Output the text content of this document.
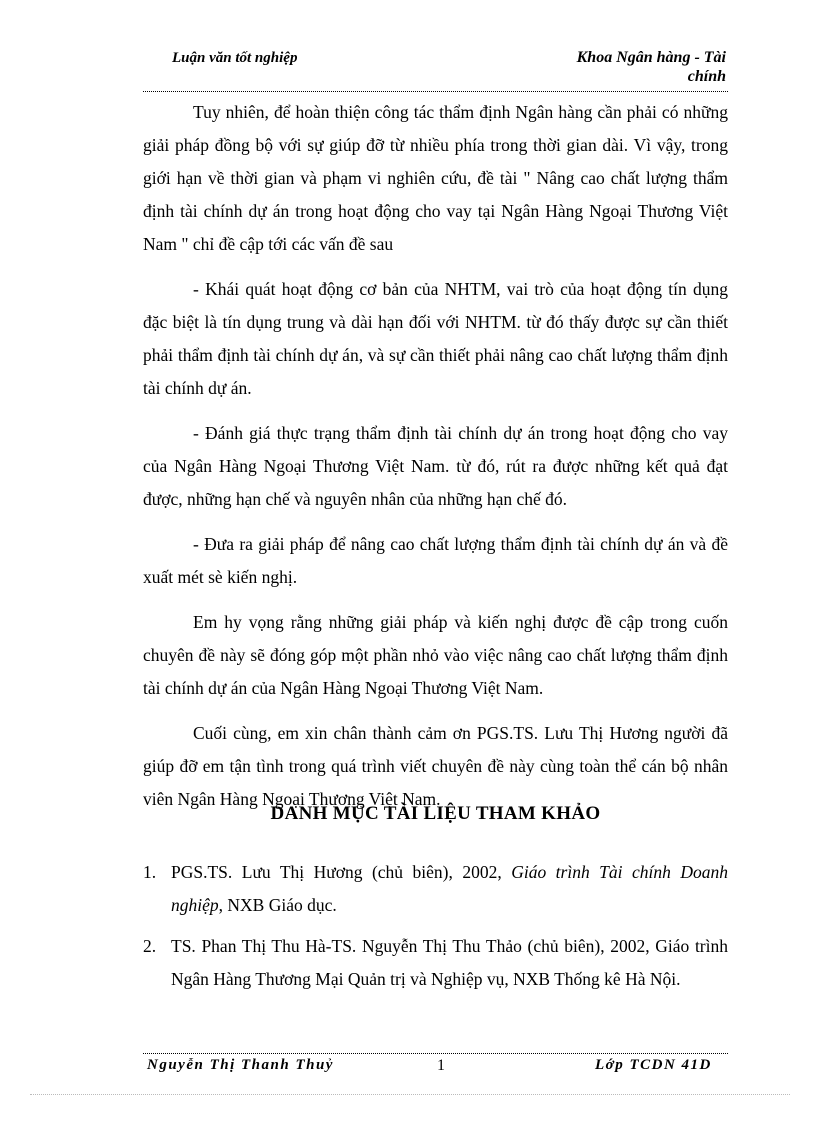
Luận văn tốt nghiệp	Khoa Ngân hàng - Tài
chính

Tuy nhiên, để hoàn thiện công tác thẩm định Ngân hàng cần phải có những giải pháp đồng bộ với sự giúp đỡ từ nhiều phía trong thời gian dài. Vì vậy, trong giới hạn về thời gian và phạm vi nghiên cứu, đề tài " Nâng cao chất lượng thẩm định tài chính dự án trong hoạt động cho vay tại Ngân Hàng Ngoại Thương Việt Nam " chỉ đề cập tới các vấn đề sau

- Khái quát hoạt động cơ bản của NHTM, vai trò của hoạt động tín dụng đặc biệt là tín dụng trung và dài hạn đối với NHTM. từ đó thấy được sự cần thiết phải thẩm định tài chính dự án, và sự cần thiết phải nâng cao chất lượng thẩm định tài chính dự án.

- Đánh giá thực trạng thẩm định tài chính dự án trong hoạt động cho vay của Ngân Hàng Ngoại Thương Việt Nam. từ đó, rút ra được những kết quả đạt được, những hạn chế và nguyên nhân của những hạn chế đó.

- Đưa ra giải pháp để nâng cao chất lượng thẩm định tài chính dự án và đề xuất mét sè kiến nghị.

Em hy vọng rằng những giải pháp và kiến nghị được đề cập trong cuốn chuyên đề này sẽ đóng góp một phần nhỏ vào việc nâng cao chất lượng thẩm định tài chính dự án của Ngân Hàng Ngoại Thương Việt Nam.

Cuối cùng, em xin chân thành cảm ơn PGS.TS. Lưu Thị Hương người đã giúp đỡ em tận tình trong quá trình viết chuyên đề này cùng toàn thể cán bộ nhân viên Ngân Hàng Ngoại Thương Việt Nam.

DANH MỤC TÀI LIỆU THAM KHẢO
1. PGS.TS. Lưu Thị Hương (chủ biên), 2002, Giáo trình Tài chính Doanh nghiệp, NXB Giáo dục.
2. TS. Phan Thị Thu Hà-TS. Nguyễn Thị Thu Thảo (chủ biên), 2002, Giáo trình Ngân Hàng Thương Mại Quản trị và Nghiệp vụ, NXB Thống kê Hà Nội.
Nguyễn Thị Thanh Thuỷ	1	Lớp TCDN 41D
